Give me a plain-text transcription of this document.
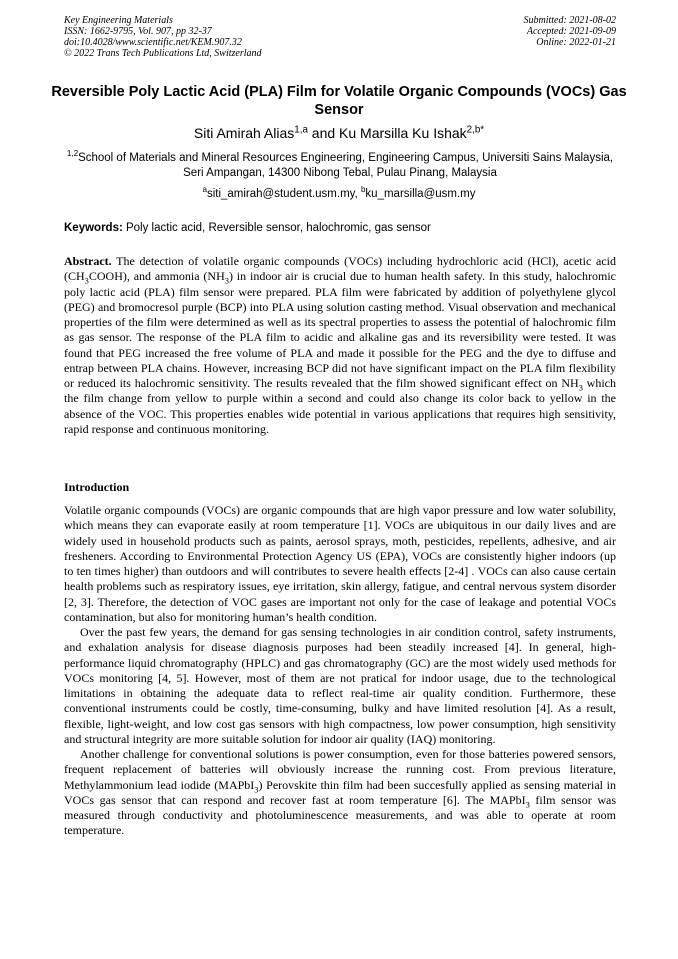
Key Engineering Materials
ISSN: 1662-9795, Vol. 907, pp 32-37
doi:10.4028/www.scientific.net/KEM.907.32
© 2022 Trans Tech Publications Ltd, Switzerland
Submitted: 2021-08-02
Accepted: 2021-09-09
Online: 2022-01-21
Reversible Poly Lactic Acid (PLA) Film for Volatile Organic Compounds (VOCs) Gas Sensor
Siti Amirah Alias$^{1,a}$ and Ku Marsilla Ku Ishak$^{2,b*}$
$^{1,2}$School of Materials and Mineral Resources Engineering, Engineering Campus, Universiti Sains Malaysia, Seri Ampangan, 14300 Nibong Tebal, Pulau Pinang, Malaysia
$^a$siti_amirah@student.usm.my, $^b$ku_marsilla@usm.my
Keywords: Poly lactic acid, Reversible sensor, halochromic, gas sensor
Abstract. The detection of volatile organic compounds (VOCs) including hydrochloric acid (HCl), acetic acid $(CH_3COOH)$, and ammonia $(NH_3)$ in indoor air is crucial due to human health safety. In this study, halochromic poly lactic acid (PLA) film sensor were prepared. PLA film were fabricated by addition of polyethylene glycol (PEG) and bromocresol purple (BCP) into PLA using solution casting method. Visual observation and mechanical properties of the film were determined as well as its spectral properties to assess the potential of halochromic film as gas sensor. The response of the PLA film to acidic and alkaline gas and its reversibility were tested. It was found that PEG increased the free volume of PLA and made it possible for the PEG and the dye to diffuse and entrap between PLA chains. However, increasing BCP did not have significant impact on the PLA film flexibility or reduced its halochromic sensitivity. The results revealed that the film showed significant effect on $NH_3$ which the film change from yellow to purple within a second and could also change its color back to yellow in the absence of the VOC. This properties enables wide potential in various applications that requires high sensitivity, rapid response and continuous monitoring.
Introduction

Volatile organic compounds (VOCs) are organic compounds that are high vapor pressure and low water solubility, which means they can evaporate easily at room temperature [1]. VOCs are ubiquitous in our daily lives and are widely used in household products such as paints, aerosol sprays, moth, pesticides, repellents, adhesive, and air fresheners. According to Environmental Protection Agency US (EPA), VOCs are consistently higher indoors (up to ten times higher) than outdoors and will contributes to severe health effects [2-4] . VOCs can also cause certain health problems such as respiratory issues, eye irritation, skin allergy, fatigue, and central nervous system disorder [2, 3]. Therefore, the detection of VOC gases are important not only for the case of leakage and potential VOCs contamination, but also for monitoring human’s health condition.

Over the past few years, the demand for gas sensing technologies in air condition control, safety instruments, and exhalation analysis for disease diagnosis purposes had been steadily increased [4]. In general, high-performance liquid chromatography (HPLC) and gas chromatography (GC) are the most widely used methods for VOCs monitoring [4, 5]. However, most of them are not pratical for indoor usage, due to the technological limitations in obtaining the adequate data to reflect real-time air quality condition. Furthermore, these conventional instruments could be costly, time-consuming, bulky and have limited resolution [4]. As a result, flexible, light-weight, and low cost gas sensors with high compactness, low power consumption, high sensitivity and structural integrity are more suitable solution for indoor air quality (IAQ) monitoring.

Another challenge for conventional solutions is power consumption, even for those batteries powered sensors, frequent replacement of batteries will obviously increase the running cost. From previous literature, Methylammonium lead iodide (MAPbI$_3$) Perovskite thin film had been succesfully applied as sensing material in VOCs gas sensor that can respond and recover fast at room temperature [6]. The MAPbI$_3$ film sensor was measured through conductivity and photoluminescence measurements, and was able to operate at room temperature.
